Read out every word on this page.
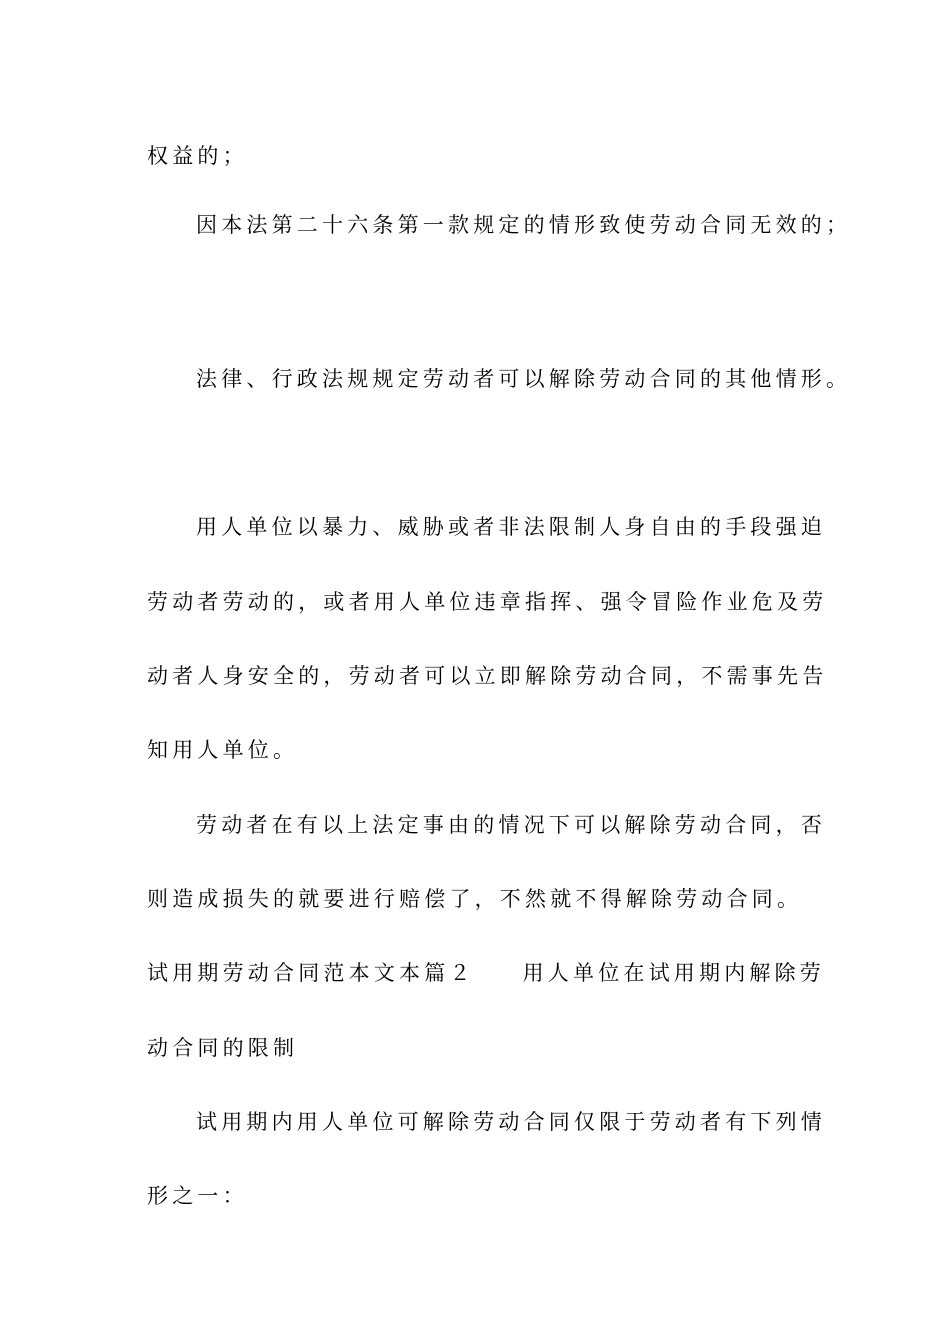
权益的；
因本法第二十六条第一款规定的情形致使劳动合同无效的；
法律、行政法规规定劳动者可以解除劳动合同的其他情形。
用人单位以暴力、威胁或者非法限制人身自由的手段强迫
劳动者劳动的，或者用人单位违章指挥、强令冒险作业危及劳
动者人身安全的，劳动者可以立即解除劳动合同，不需事先告
知用人单位。
劳动者在有以上法定事由的情况下可以解除劳动合同，否
则造成损失的就要进行赔偿了，不然就不得解除劳动合同。
试用期劳动合同范本文本篇２ 用人单位在试用期内解除劳
动合同的限制
试用期内用人单位可解除劳动合同仅限于劳动者有下列情
形之一：
